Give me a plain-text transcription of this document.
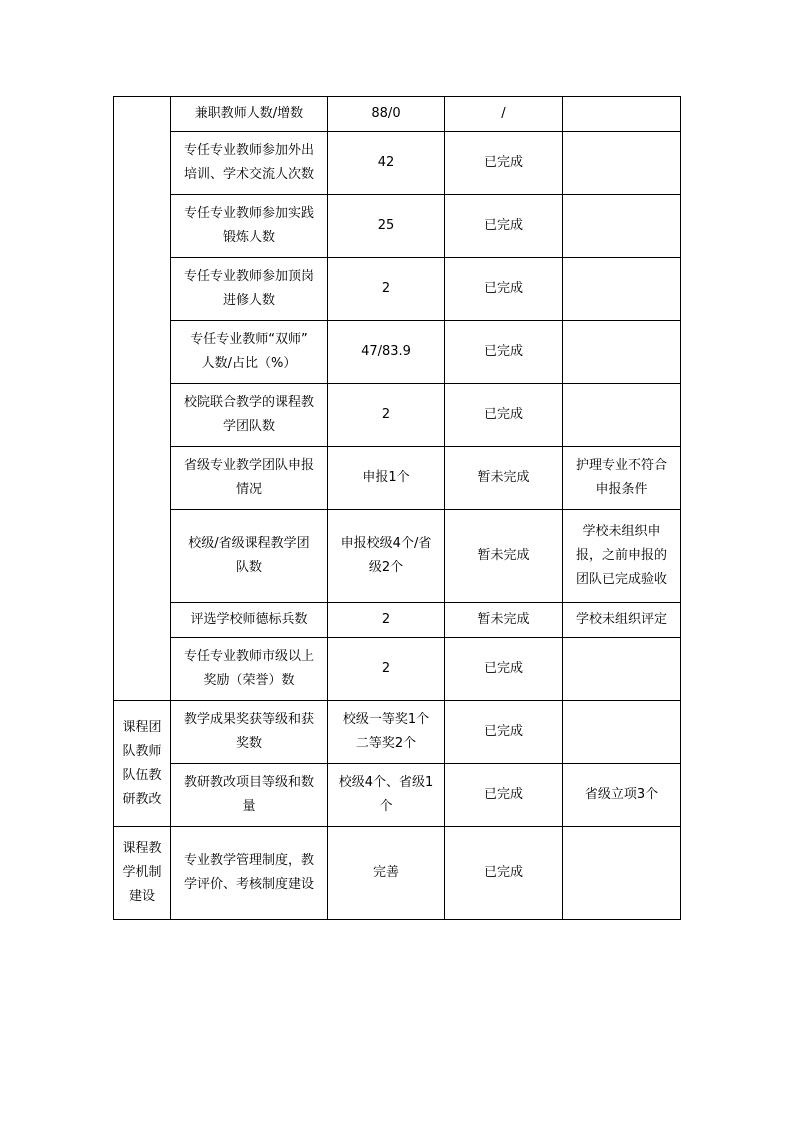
	兼职教师人数/增数	88/0	/	

	专任专业教师参加外出
培训、学术交流人次数	42	已完成	

	专任专业教师参加实践
锻炼人数	25	已完成	

	专任专业教师参加顶岗
进修人数	2	已完成	

	专任专业教师“双师”
人数/占比（%）	47/83.9	已完成	

	校院联合教学的课程教
学团队数	2	已完成	

	省级专业教学团队申报
情况	申报1个	暂未完成	护理专业不符合
申报条件

	校级/省级课程教学团
队数	申报校级4个/省
级2个	暂未完成	学校未组织申
报，之前申报的
团队已完成验收

	评选学校师德标兵数	2	暂未完成	学校未组织评定

	专任专业教师市级以上
奖励（荣誉）数	2	已完成	

课程团
队教师
队伍教
研教改	教学成果奖获等级和获
奖数	校级一等奖1个
二等奖2个	已完成	

	教研教改项目等级和数
量	校级4个、省级1个	已完成	省级立项3个

课程教
学机制
建设	专业教学管理制度，教
学评价、考核制度建设	完善	已完成	
